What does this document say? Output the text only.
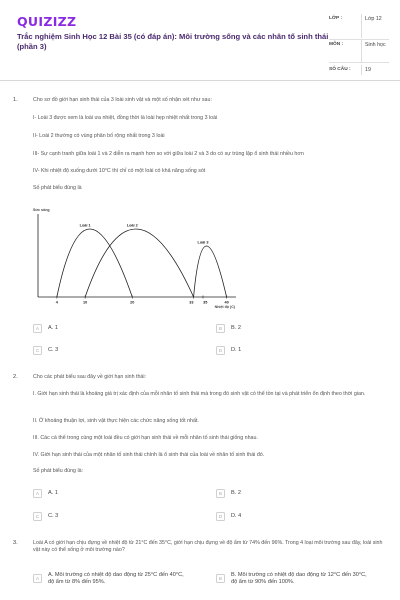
QUIZIZZ
Trắc nghiệm Sinh Học 12 Bài 35 (có đáp án): Môi trường sống và các nhân tố sinh thái (phần 3)
LỚP :	Lớp 12
MÔN :	Sinh học
SỐ CÂU :	19
1.	Cho sơ đồ giới hạn sinh thái của 3 loài sinh vật và một số nhận xét như sau:
I- Loài 3 được xem là loài ưa nhiệt, đồng thời là loài hẹp nhiệt nhất trong 3 loài
II- Loài 2 thường có vùng phân bố rộng nhất trong 3 loài
III- Sự cạnh tranh giữa loài 1 và 2 diễn ra mạnh hơn so với giữa loài 2 và 3 do có sự trùng lặp ổ sinh thái nhiều hơn
IV- Khi nhiệt độ xuống dưới 10°C thì chỉ có một loài có khả năng sống sót
Số phát biểu đúng là
Sức sống
4	10	20	33	35	40
Loài 1	Loài 2
Loài 3
Nhiệt độ (C)
A	A. 1	B	B. 2
C	C. 3	D	D. 1
2.	Cho các phát biểu sau đây về giới hạn sinh thái:
I. Giới hạn sinh thái là khoảng giá trị xác định của mỗi nhân tố sinh thái mà trong đó sinh vật có thể tồn tại và phát triển ổn định theo thời gian.
II. Ở khoảng thuận lợi, sinh vật thực hiện các chức năng sống tốt nhất.
III. Các cá thể trong cùng một loài đều có giới hạn sinh thái về mỗi nhân tố sinh thái giống nhau.
IV. Giới hạn sinh thái của một nhân tố sinh thái chính là ổ sinh thái của loài về nhân tố sinh thái đó.
Số phát biểu đúng là:
A	A. 1	B	B. 2
C	C. 3	D	D. 4
3.	Loài A có giới hạn chịu đựng về nhiệt độ từ 21°C đến 35°C, giới hạn chịu đựng về độ ẩm từ 74% đến 96%. Trong 4 loại môi trường sau đây, loài sinh vật này có thể sống ở môi trường nào?
A
A. Môi trường có nhiệt độ dao động từ 25°C đến 40°C, độ ẩm từ 8% đến 95%.
B
B. Môi trường có nhiệt độ dao động từ 12°C đến 30°C, độ ẩm từ 90% đến 100%.
